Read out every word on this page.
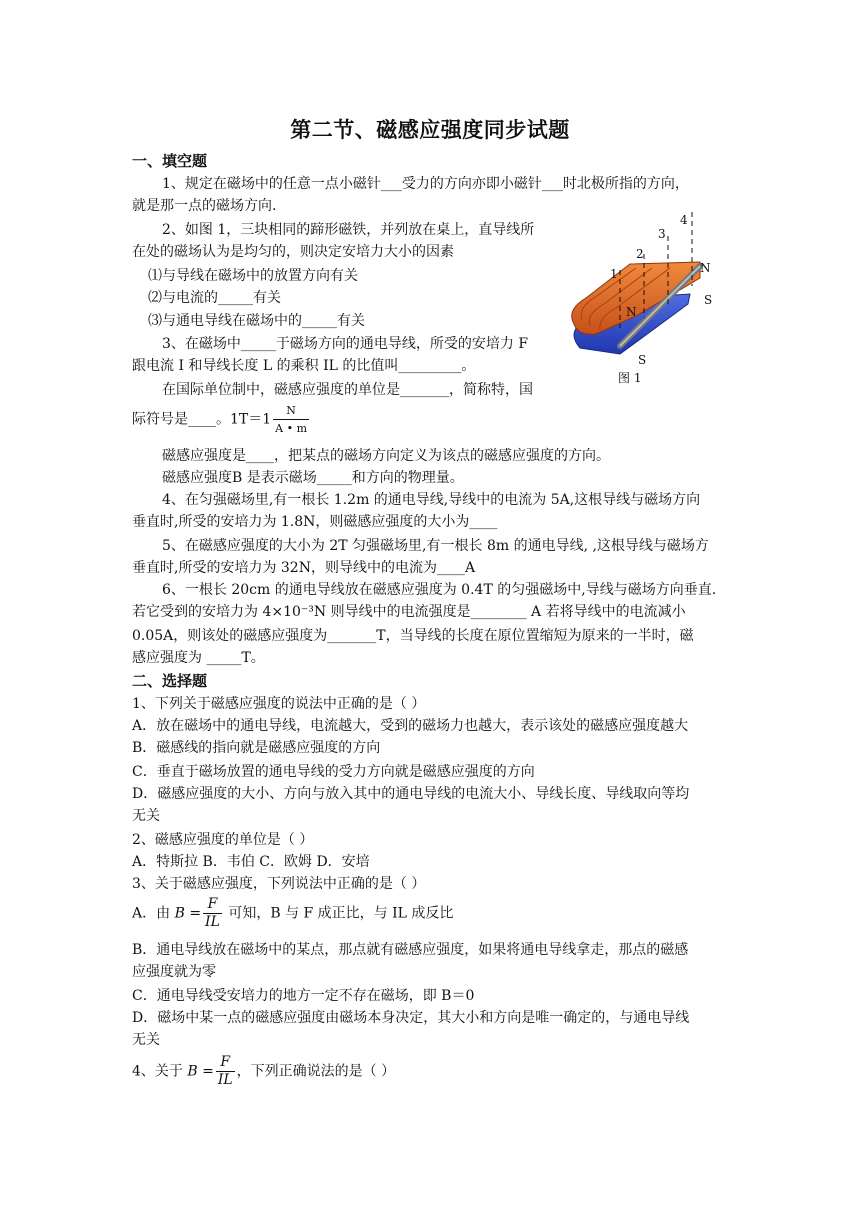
第二节、磁感应强度同步试题
一、填空题
1、规定在磁场中的任意一点小磁针___受力的方向亦即小磁针___时北极所指的方向，
就是那一点的磁场方向.
2、如图 1，三块相同的蹄形磁铁，并列放在桌上，直导线所
在处的磁场认为是均匀的，则决定安培力大小的因素
⑴与导线在磁场中的放置方向有关
⑵与电流的_____有关
⑶与通电导线在磁场中的_____有关
3、在磁场中_____于磁场方向的通电导线，所受的安培力 F
跟电流 I 和导线长度 L 的乘积 IL 的比值叫_________。
在国际单位制中，磁感应强度的单位是_______，简称特，国
际符号是____。$1T=1 \frac{N}{A • m}$
磁感应强度是____，把某点的磁场方向定义为该点的磁感应强度的方向。
磁感应强度B 是表示磁场_____和方向的物理量。
4、在匀强磁场里,有一根长 1.2m 的通电导线,导线中的电流为 5A,这根导线与磁场方向
垂直时,所受的安培力为 1.8N，则磁感应强度的大小为____
5、在磁感应强度的大小为 2T 匀强磁场里,有一根长 8m 的通电导线, ,这根导线与磁场方
垂直时,所受的安培力为 32N，则导线中的电流为____A
6、一根长 20cm 的通电导线放在磁感应强度为 0.4T 的匀强磁场中,导线与磁场方向垂直.
若它受到的安培力为 4×10⁻³N 则导线中的电流强度是________ A 若将导线中的电流减小
0.05A，则该处的磁感应强度为_______T，当导线的长度在原位置缩短为原来的一半时，磁
感应强度为 _____T。
二、选择题
1、下列关于磁感应强度的说法中正确的是（ ）
A．放在磁场中的通电导线，电流越大，受到的磁场力也越大，表示该处的磁感应强度越大
B．磁感线的指向就是磁感应强度的方向
C．垂直于磁场放置的通电导线的受力方向就是磁感应强度的方向
D．磁感应强度的大小、方向与放入其中的通电导线的电流大小、导线长度、导线取向等均
无关
2、磁感应强度的单位是（ ）
A．特斯拉 B．韦伯 C．欧姆 D．安培
3、关于磁感应强度，下列说法中正确的是（ ）
A．由 $B = \frac{F}{IL}$ 可知，B 与 F 成正比，与 IL 成反比
B．通电导线放在磁场中的某点，那点就有磁感应强度，如果将通电导线拿走，那点的磁感
应强度就为零
C．通电导线受安培力的地方一定不存在磁场，即 B＝0
D．磁场中某一点的磁感应强度由磁场本身决定，其大小和方向是唯一确定的，与通电导线
无关
4、关于 $B = \frac{F}{IL}$ ，下列正确说法的是（ ）
4
3
2
1	N
S
N
S
图 1
